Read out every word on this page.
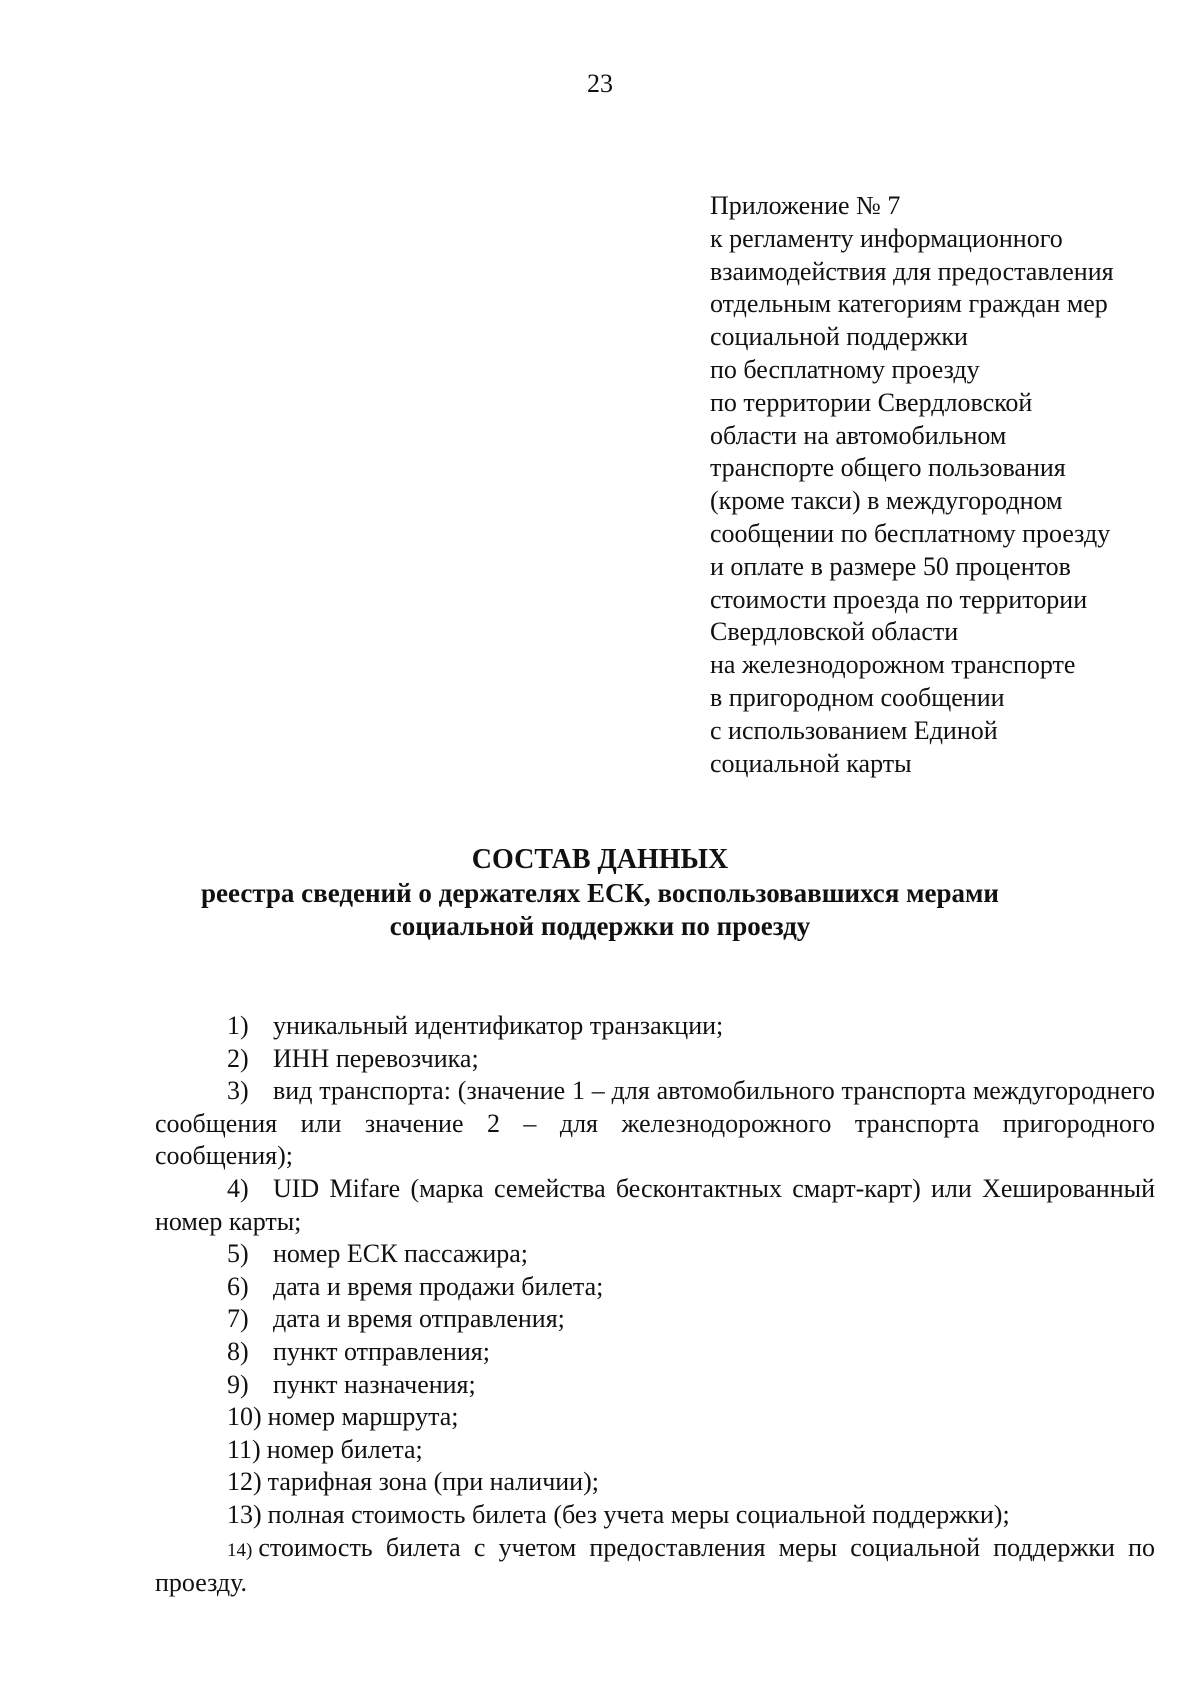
23
Приложение № 7
к регламенту информационного
взаимодействия для предоставления
отдельным категориям граждан мер
социальной поддержки
по бесплатному проезду
по территории Свердловской
области на автомобильном
транспорте общего пользования
(кроме такси) в междугородном
сообщении по бесплатному проезду
и оплате в размере 50 процентов
стоимости проезда по территории
Свердловской области
на железнодорожном транспорте
в пригородном сообщении
с использованием Единой
социальной карты
СОСТАВ ДАННЫХ
реестра сведений о держателях ЕСК, воспользовавшихся мерами
социальной поддержки по проезду
1) уникальный идентификатор транзакции;
2) ИНН перевозчика;
3) вид транспорта: (значение 1 – для автомобильного транспорта междугороднего сообщения или значение 2 – для железнодорожного транспорта пригородного сообщения);
4) UID Mifare (марка семейства бесконтактных смарт-карт) или Хешированный номер карты;
5) номер ЕСК пассажира;
6) дата и время продажи билета;
7) дата и время отправления;
8) пункт отправления;
9) пункт назначения;
10) номер маршрута;
11) номер билета;
12) тарифная зона (при наличии);
13) полная стоимость билета (без учета меры социальной поддержки);
14) стоимость билета с учетом предоставления меры социальной поддержки по проезду.
